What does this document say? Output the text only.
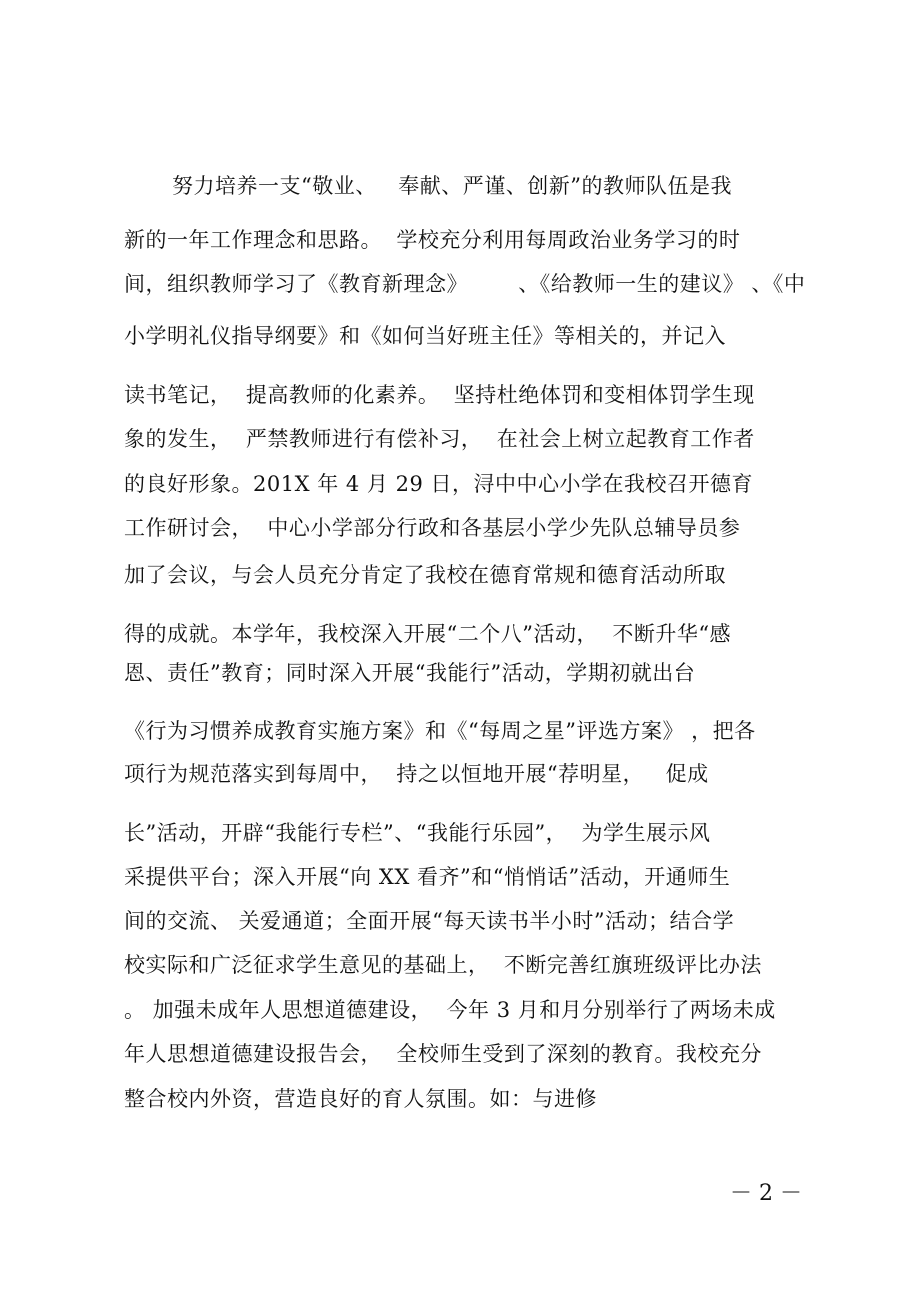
努力培养一支“敬业、   奉献、严谨、创新”的教师队伍是我
新的一年工作理念和思路。  学校充分利用每周政治业务学习的时
间，组织教师学习了《教育新理念》       、《给教师一生的建议》 、《中
小学明礼仪指导纲要》和《如何当好班主任》等相关的，并记入
读书笔记，  提高教师的化素养。  坚持杜绝体罚和变相体罚学生现
象的发生，  严禁教师进行有偿补习，  在社会上树立起教育工作者
的良好形象。201X 年 4 月 29 日，浔中中心小学在我校召开德育
工作研讨会，  中心小学部分行政和各基层小学少先队总辅导员参
加了会议，与会人员充分肯定了我校在德育常规和德育活动所取
得的成就。本学年，我校深入开展“二个八”活动，  不断升华“感
恩、责任”教育；同时深入开展“我能行”活动，学期初就出台
《行为习惯养成教育实施方案》和《“每周之星”评选方案》 ，把各
项行为规范落实到每周中，  持之以恒地开展“荐明星，   促成
长”活动，开辟“我能行专栏”、“我能行乐园”，  为学生展示风
采提供平台；深入开展“向 XX 看齐”和“悄悄话”活动，开通师生
间的交流、 关爱通道；全面开展“每天读书半小时”活动；结合学
校实际和广泛征求学生意见的基础上，  不断完善红旗班级评比办法
。 加强未成年人思想道德建设，  今年 3 月和月分别举行了两场未成
年人思想道德建设报告会，  全校师生受到了深刻的教育。我校充分
整合校内外资，营造良好的育人氛围。如：与进修
－ 2 －
